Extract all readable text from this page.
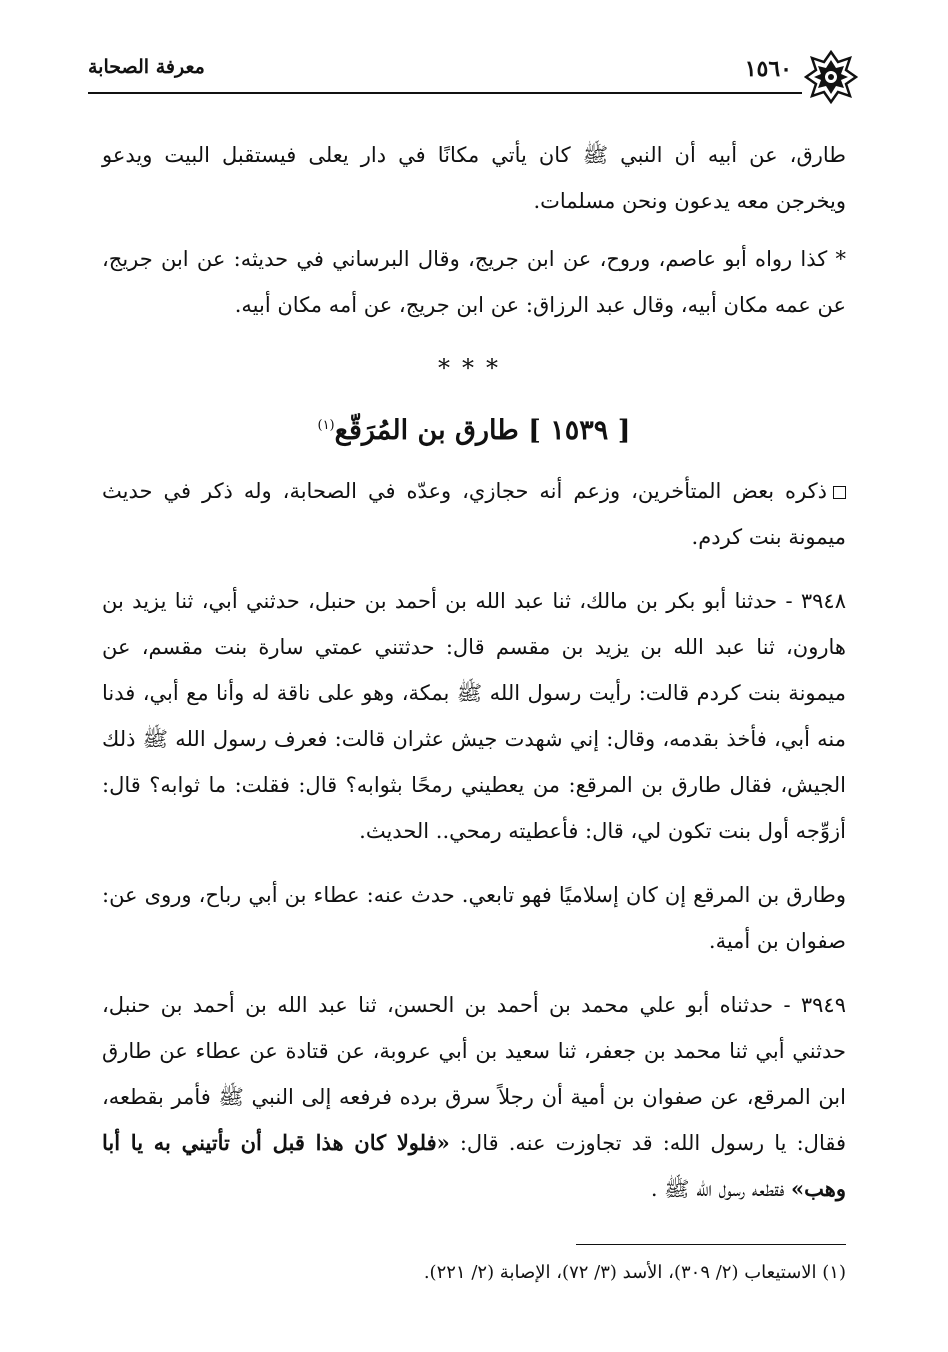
١٥٦٠
معرفة الصحابة

طارق، عن أبيه أن النبي ﷺ كان يأتي مكانًا في دار يعلى فيستقبل البيت ويدعو ويخرجن معه يدعون ونحن مسلمات.

* كذا رواه أبو عاصم، وروح، عن ابن جريج، وقال البرساني في حديثه: عن ابن جريج، عن عمه مكان أبيه، وقال عبد الرزاق: عن ابن جريج، عن أمه مكان أبيه.

***
[ ١٥٣٩ ] طارق بن المُرَقّع$^{(١)}$

ذكره بعض المتأخرين، وزعم أنه حجازي، وعدّه في الصحابة، وله ذكر في حديث ميمونة بنت كردم.

٣٩٤٨ - حدثنا أبو بكر بن مالك، ثنا عبد الله بن أحمد بن حنبل، حدثني أبي، ثنا يزيد بن هارون، ثنا عبد الله بن يزيد بن مقسم قال: حدثتني عمتي سارة بنت مقسم، عن ميمونة بنت كردم قالت: رأيت رسول الله ﷺ بمكة، وهو على ناقة له وأنا مع أبي، فدنا منه أبي، فأخذ بقدمه، وقال: إني شهدت جيش عثران قالت: فعرف رسول الله ﷺ ذلك الجيش، فقال طارق بن المرقع: من يعطيني رمحًا بثوابه؟ قال: فقلت: ما ثوابه؟ قال: أزوِّجه أول بنت تكون لي، قال: فأعطيته رمحي.. الحديث.

وطارق بن المرقع إن كان إسلاميًا فهو تابعي. حدث عنه: عطاء بن أبي رباح، وروى عن: صفوان بن أمية.

٣٩٤٩ - حدثناه أبو علي محمد بن أحمد بن الحسن، ثنا عبد الله بن أحمد بن حنبل، حدثني أبي ثنا محمد بن جعفر، ثنا سعيد بن أبي عروبة، عن قتادة عن عطاء عن طارق ابن المرقع، عن صفوان بن أمية أن رجلاً سرق برده فرفعه إلى النبي ﷺ فأمر بقطعه، فقال: يا رسول الله: قد تجاوزت عنه. قال: «فلولا كان هذا قبل أن تأتيني به يا أبا وهب» فقطعه رسول الله ﷺ .

(١) الاستيعاب (٢/ ٣٠٩)، الأسد (٣/ ٧٢)، الإصابة (٢/ ٢٢١).
